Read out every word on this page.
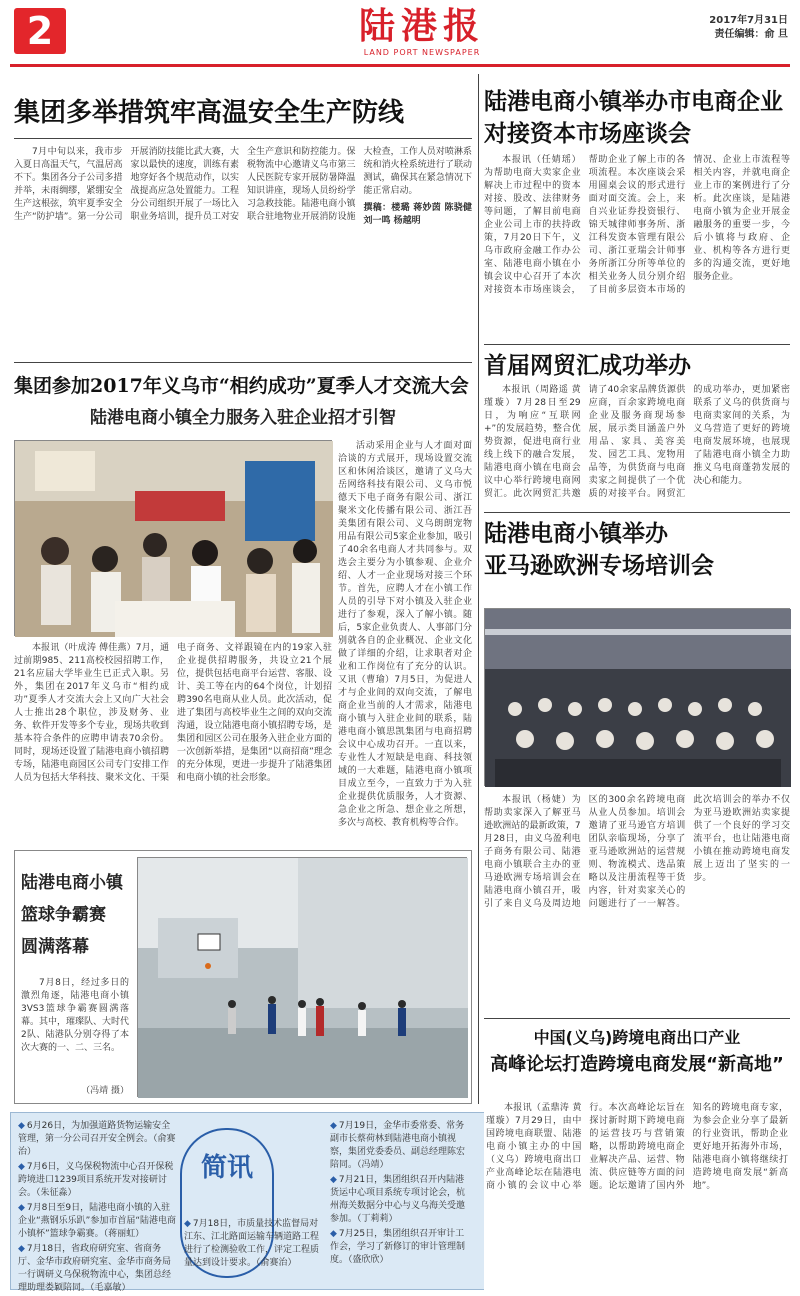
2	陆港报
LAND PORT NEWSPAPER
2017年7月31日
责任编辑：俞 旦
集团多举措筑牢高温安全生产防线
7月中旬以来，我市步入夏日高温天气，气温居高不下。集团各分子公司多措并举，未雨绸缪，紧绷安全生产这根弦，筑牢夏季安全生产“防护墙”。第一分公司开展消防技能比武大赛，大家以最快的速度，训练有素地穿好各个规范动作，以实战提高应急处置能力。工程分公司组织开展了一场比入职业务培训，提升员工对安全生产意识和防控能力。保税物流中心邀请义乌市第三人民医院专家开展防暑降温知识讲座，现场人员纷纷学习急救技能。陆港电商小镇联合驻地物业开展消防设施大检查，工作人员对喷淋系统和消火栓系统进行了联动测试，确保其在紧急情况下能正常启动。
撰稿：楼璐 蒋妙茵 陈骁健 刘一鸣 杨越明
集团参加2017年义乌市“相约成功”夏季人才交流大会
陆港电商小镇全力服务入驻企业招才引智
本报讯（叶成涛 傅佳燕）7月，通过前期985、211高校校园招聘工作，21名应届大学毕业生已正式入职。另外，集团在2017年义乌市“相约成功”夏季人才交流大会上又向广大社会人士推出28个职位，涉及财务、业务、软件开发等多个专业，现场共收到基本符合条件的应聘申请表70余份。同时，现场还设置了陆港电商小镇招聘专场，陆港电商园区公司专门安排工作人员为包括大华科技、聚米文化、干渠电子商务、文祥跟镜在内的19家入驻企业提供招聘服务，共设立21个展位，提供包括电商平台运营、客服、设计、美工等在内的64个岗位，计划招聘390名电商从业人员。此次活动，促进了集团与高校毕业生之间的双向交流沟通，设立陆港电商小镇招聘专场，是集团和园区公司在服务入驻企业方面的一次创新举措，是集团“以商招商”理念的充分体现，更进一步提升了陆港集团和电商小镇的社会形象。
活动采用企业与人才面对面洽谈的方式展开，现场设置交流区和休闲洽谈区，邀请了义乌大岳网络科技有限公司、义乌市悦德天下电子商务有限公司、浙江聚米文化传播有限公司、浙江吾美集团有限公司、义乌朗朗宠物用品有限公司5家企业参加，吸引了40余名电商人才共同参与。双选会主要分为小镇参观、企业介绍、人才一企业现场对接三个环节。首先，应聘人才在小镇工作人员的引导下对小镇及入驻企业进行了参观，深入了解小镇。随后，5家企业负责人、人事部门分别就各自的企业概况、企业文化做了详细的介绍，让求职者对企业和工作岗位有了充分的认识。又讯（曹瑜）7月5日，为促进人才与企业间的双向交流，了解电商企业当前的人才需求，陆港电商小镇与入驻企业间的联系，陆港电商小镇思凯集团与电商招聘会议中心成功召开。一直以来，专业性人才短缺是电商、科技领域的一大难题，陆港电商小镇项目成立至今，一直致力于为入驻企业提供优质服务，人才资源、急企业之所急、想企业之所想，多次与高校、教育机构等合作。
陆港电商小镇
篮球争霸赛
圆满落幕
7月8日，经过多日的激烈角逐，陆港电商小镇3VS3篮球争霸赛圆满落幕。其中，璀璨队、大时代2队、陆港队分别夺得了本次大赛的一、二、三名。
（冯靖 摄）
陆港电商小镇举办市电商企业对接资本市场座谈会
本报讯（任婧瑶）为帮助电商大卖家企业解决上市过程中的资本对接、股改、法律财务等问题，了解目前电商企业公司上市的扶持政策，7月20日下午，义乌市政府金融工作办公室、陆港电商小镇在小镇会议中心召开了本次对接资本市场座谈会，帮助企业了解上市的各项流程。本次座谈会采用圆桌会议的形式进行面对面交流。会上，来自兴业证券投资银行、锦天城律师事务所、浙江科发资本管理有限公司、浙江亚瑞会计师事务所浙江分所等单位的相关业务人员分别介绍了目前多层资本市场的情况、企业上市流程等相关内容，并就电商企业上市的案例进行了分析。此次座谈，是陆港电商小镇为企业开展金融服务的重要一步，今后小镇将与政府、企业、机构等各方进行更多的沟通交流，更好地服务企业。
首届网贸汇成功举办
本报讯（周路遥 黄瑾璇）7月28日至29日，为响应“互联网+”的发展趋势，整合优势资源，促进电商行业线上线下的融合发展，陆港电商小镇在电商会议中心举行跨境电商网贸汇。此次网贸汇共邀请了40余家品牌货源供应商，百余家跨境电商企业及服务商现场参展，展示类目涵盖户外用品、家具、美容美发、园艺工具、宠物用品等，为供货商与电商卖家之间提供了一个优质的对接平台。网贸汇的成功举办，更加紧密联系了义乌的供货商与电商卖家间的关系，为义乌营造了更好的跨境电商发展环境，也展现了陆港电商小镇全力助推义乌电商蓬勃发展的决心和能力。
陆港电商小镇举办
亚马逊欧洲专场培训会
本报讯（杨婕）为帮助卖家深入了解亚马逊欧洲站的最新政策，7月28日，由义乌盈利电子商务有限公司、陆港电商小镇联合主办的亚马逊欧洲专场培训会在陆港电商小镇召开，吸引了来自义乌及周边地区的300余名跨境电商从业人员参加。培训会邀请了亚马逊官方培训团队亲临现场，分享了亚马逊欧洲站的运营规则、物流模式、选品策略以及注册流程等干货内容，针对卖家关心的问题进行了一一解答。此次培训会的举办不仅为亚马逊欧洲站卖家提供了一个良好的学习交流平台，也让陆港电商小镇在推动跨境电商发展上迈出了坚实的一步。
中国(义乌)跨境电商出口产业
高峰论坛打造跨境电商发展“新高地”

◆ 6月26日，为加强道路货物运输安全管理，第一分公司召开安全例会。（俞赛治）

◆ 7月6日，义乌保税物流中心召开保税跨境进口1239项目系统开发对接研讨会。（朱征淼）

◆ 7月8日至9日，陆港电商小镇的入驻企业“燕钢乐乐趴”参加市首届“陆港电商小镇杯”篮球争霸赛。（蒋丽虹）

◆ 7月18日，省政府研究室、省商务厅、金华市政府研究室、金华市商务局一行调研义乌保税物流中心，集团总经理助理娄颖陪同。（毛嘉敏）

简讯

◆ 7月18日，市质量技术监督局对江东、江北路面运输车辆道路工程进行了检测验收工作，评定工程质量达到设计要求。（俞赛治）

◆ 7月19日，金华市委常委、常务副市长蔡荷林到陆港电商小镇视察，集团党委委员、副总经理陈宏陪同。（冯靖）

◆ 7月21日，集团组织召开内陆港货运中心项目系统专项讨论会，杭州海关数据分中心与义乌海关受邀参加。（丁莉莉）

◆ 7月25日，集团组织召开审计工作会，学习了新修订的审计管理制度。（盛欣欣）

本报讯（孟鼎涛 黄瑾璇）7月29日，由中国跨境电商联盟、陆港电商小镇主办的中国（义乌）跨境电商出口产业高峰论坛在陆港电商小镇的会议中心举行。本次高峰论坛旨在探讨新时期下跨境电商的运营技巧与营销策略，以帮助跨境电商企业解决产品、运营、物流、供应链等方面的问题。论坛邀请了国内外知名的跨境电商专家，为参会企业分享了最新的行业资讯，帮助企业更好地开拓海外市场，陆港电商小镇将继续打造跨境电商发展“新高地”。
